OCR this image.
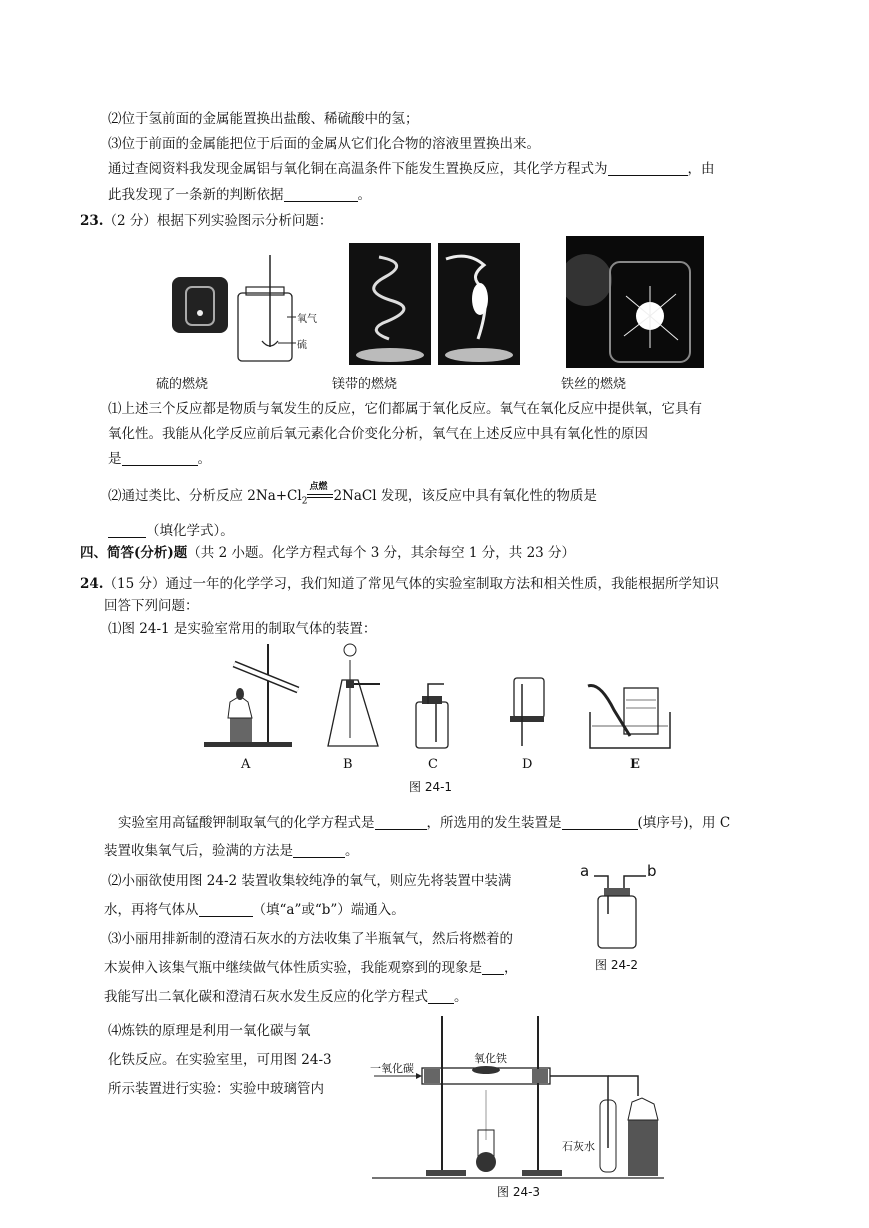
⑵位于氢前面的金属能置换出盐酸、稀硫酸中的氢；
⑶位于前面的金属能把位于后面的金属从它们化合物的溶液里置换出来。
通过查阅资料我发现金属铝与氧化铜在高温条件下能发生置换反应，其化学方程式为	，由
此我发现了一条新的判断依据	。
23.（2 分）根据下列实验图示分析问题：
氧气
硫
硫的燃烧	镁带的燃烧	铁丝的燃烧
⑴上述三个反应都是物质与氧发生的反应，它们都属于氧化反应。氧气在氧化反应中提供氧，它具有
氧化性。我能从化学反应前后氧元素化合价变化分析，氧气在上述反应中具有氧化性的原因
是	。
⑵通过类比、分析反应 $2Na+Cl_2$
点燃
2NaCl 发现，该反应中具有氧化性的物质是
（填化学式）。
四、简答(分析)题（共 2 小题。化学方程式每个 3 分，其余每空 1 分，共 23 分）
24.（15 分）通过一年的化学学习，我们知道了常见气体的实验室制取方法和相关性质，我能根据所学知识
回答下列问题：
⑴图 24-1 是实验室常用的制取气体的装置：
A	B	C	D	E
图 24-1
实验室用高锰酸钾制取氧气的化学方程式是	，所选用的发生装置是	(填序号)，用 C
装置收集氧气后，验满的方法是	。
a	b
图 24-2
⑵小丽欲使用图 24-2 装置收集较纯净的氧气，则应先将装置中装满
水，再将气体从	（填“a”或“b”）端通入。
⑶小丽用排新制的澄清石灰水的方法收集了半瓶氧气，然后将燃着的
木炭伸入该集气瓶中继续做气体性质实验，我能观察到的现象是 ，
我能写出二氧化碳和澄清石灰水发生反应的化学方程式 。
⑷炼铁的原理是利用一氧化碳与氧
化铁反应。在实验室里，可用图 24-3
所示装置进行实验：实验中玻璃管内
一氧化碳
氧化铁
石灰水
图 24-3
